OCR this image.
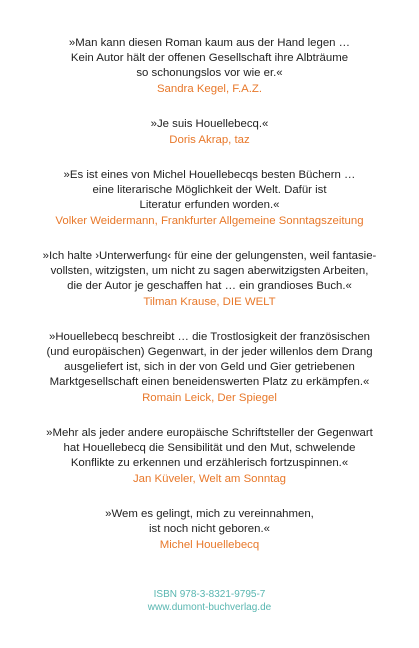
»Man kann diesen Roman kaum aus der Hand legen …
Kein Autor hält der offenen Gesellschaft ihre Albträume
so schonungslos vor wie er.«

Sandra Kegel, F.A.Z.

»Je suis Houellebecq.«

Doris Akrap, taz

»Es ist eines von Michel Houellebecqs besten Büchern …
eine literarische Möglichkeit der Welt. Dafür ist
Literatur erfunden worden.«

Volker Weidermann, Frankfurter Allgemeine Sonntagszeitung

»Ich halte ›Unterwerfung‹ für eine der gelungensten, weil fantasie-
vollsten, witzigsten, um nicht zu sagen aberwitzigsten Arbeiten,
die der Autor je geschaffen hat … ein grandioses Buch.«

Tilman Krause, DIE WELT

»Houellebecq beschreibt … die Trostlosigkeit der französischen
(und europäischen) Gegenwart, in der jeder willenlos dem Drang
ausgeliefert ist, sich in der von Geld und Gier getriebenen
Marktgesellschaft einen beneidenswerten Platz zu erkämpfen.«

Romain Leick, Der Spiegel

»Mehr als jeder andere europäische Schriftsteller der Gegenwart
hat Houellebecq die Sensibilität und den Mut, schwelende
Konflikte zu erkennen und erzählerisch fortzuspinnen.«

Jan Küveler, Welt am Sonntag

»Wem es gelingt, mich zu vereinnahmen,
ist noch nicht geboren.«

Michel Houellebecq

ISBN 978-3-8321-9795-7
www.dumont-buchverlag.de
